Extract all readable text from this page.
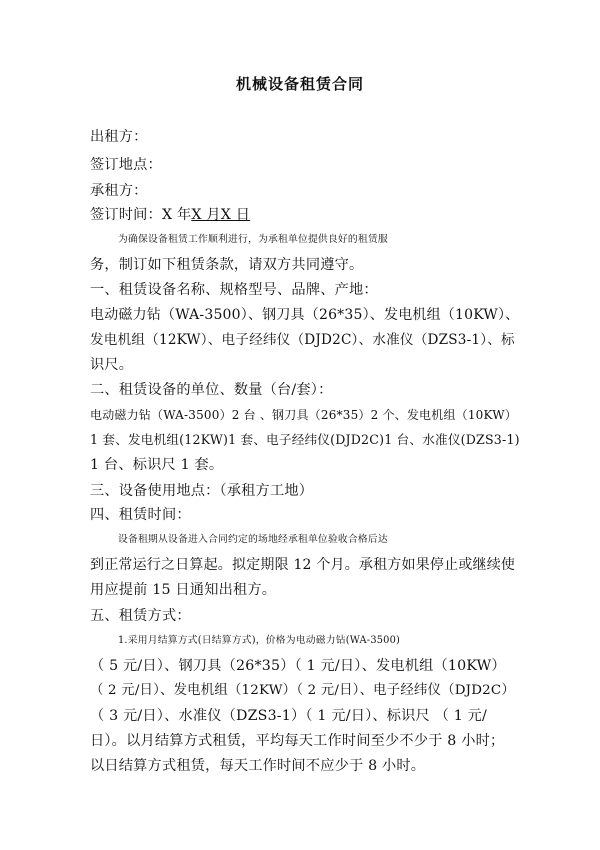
机械设备租赁合同
出租方：
签订地点：
承租方：
签订时间：X 年X 月X 日
为确保设备租赁工作顺利进行，为承租单位提供良好的租赁服
务，制订如下租赁条款，请双方共同遵守。
一、租赁设备名称、规格型号、品牌、产地：
电动磁力钻（WA-3500）、钢刀具（26*35）、发电机组（10KW）、
发电机组（12KW）、电子经纬仪（DJD2C）、水准仪（DZS3-1）、标
识尺。
二、租赁设备的单位、数量（台/套）：
电动磁力钻（WA-3500）2 台 、钢刀具（26*35）2 个、发电机组（10KW）
1 套、发电机组(12KW)1 套、电子经纬仪(DJD2C)1 台、水准仪(DZS3-1)
1 台、标识尺 1 套。
三、设备使用地点：（承租方工地）
四、租赁时间：
设备租期从设备进入合同约定的场地经承租单位验收合格后达
到正常运行之日算起。拟定期限 12 个月。承租方如果停止或继续使
用应提前 15 日通知出租方。
五、租赁方式：
1.采用月结算方式(日结算方式)，价格为电动磁力钻(WA-3500)
（ 5 元/日）、钢刀具（26*35）（ 1 元/日）、发电机组（10KW）
（ 2 元/日）、发电机组（12KW）（ 2 元/日）、电子经纬仪（DJD2C）
（ 3 元/日）、水准仪（DZS3-1）（ 1 元/日）、标识尺 （ 1 元/
日）。以月结算方式租赁，平均每天工作时间至少不少于 8 小时；
以日结算方式租赁，每天工作时间不应少于 8 小时。
